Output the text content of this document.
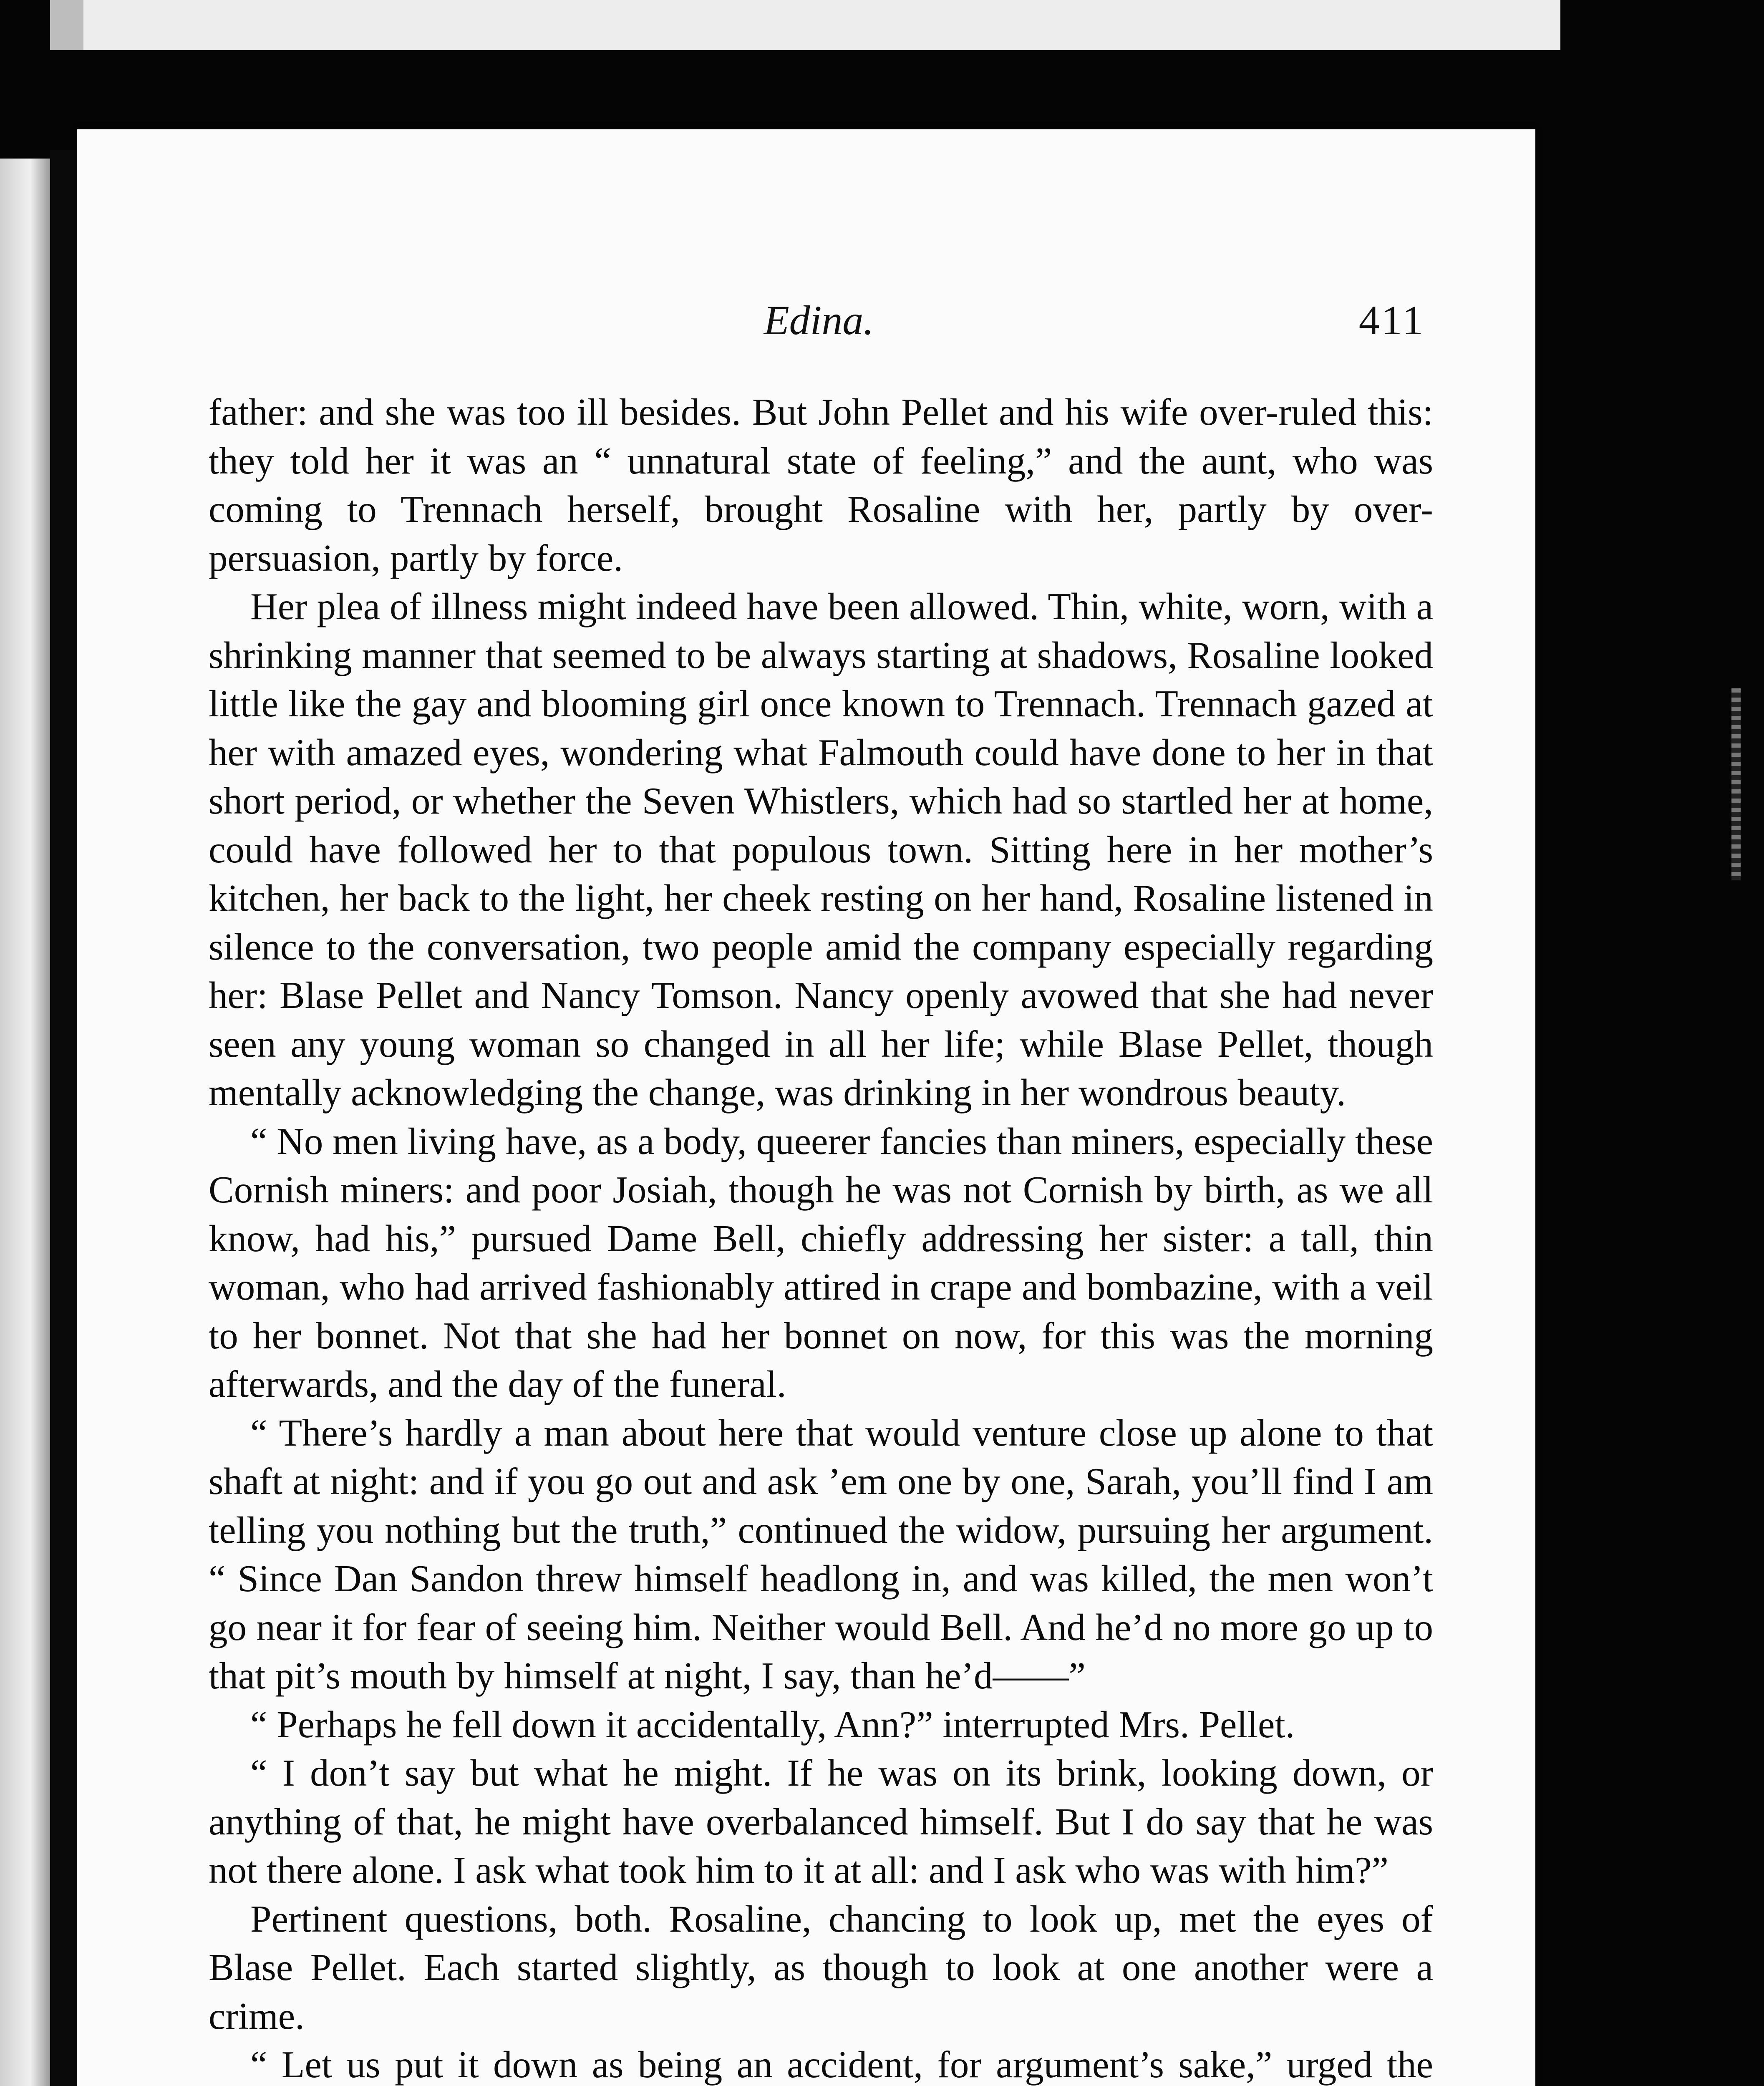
Edina.	411

father: and she was too ill besides. But John Pellet and his wife over-ruled this: they told her it was an “ unnatural state of feeling,” and the aunt, who was coming to Trennach herself, brought Rosaline with her, partly by over-persuasion, partly by force.

Her plea of illness might indeed have been allowed. Thin, white, worn, with a shrinking manner that seemed to be always starting at shadows, Rosaline looked little like the gay and blooming girl once known to Trennach. Trennach gazed at her with amazed eyes, wondering what Falmouth could have done to her in that short period, or whether the Seven Whistlers, which had so startled her at home, could have followed her to that populous town. Sitting here in her mother’s kitchen, her back to the light, her cheek resting on her hand, Rosaline listened in silence to the conversation, two people amid the company especially regarding her: Blase Pellet and Nancy Tomson. Nancy openly avowed that she had never seen any young woman so changed in all her life; while Blase Pellet, though mentally acknowledging the change, was drinking in her wondrous beauty.

“ No men living have, as a body, queerer fancies than miners, especially these Cornish miners: and poor Josiah, though he was not Cornish by birth, as we all know, had his,” pursued Dame Bell, chiefly addressing her sister: a tall, thin woman, who had arrived fashionably attired in crape and bombazine, with a veil to her bonnet. Not that she had her bonnet on now, for this was the morning afterwards, and the day of the funeral.

“ There’s hardly a man about here that would venture close up alone to that shaft at night: and if you go out and ask ’em one by one, Sarah, you’ll find I am telling you nothing but the truth,” continued the widow, pursuing her argument. “ Since Dan Sandon threw himself headlong in, and was killed, the men won’t go near it for fear of seeing him. Neither would Bell. And he’d no more go up to that pit’s mouth by himself at night, I say, than he’d——”

“ Perhaps he fell down it accidentally, Ann?” interrupted Mrs. Pellet.

“ I don’t say but what he might. If he was on its brink, looking down, or anything of that, he might have overbalanced himself. But I do say that he was not there alone. I ask what took him to it at all: and I ask who was with him?”

Pertinent questions, both. Rosaline, chancing to look up, met the eyes of Blase Pellet. Each started slightly, as though to look at one another were a crime.

“ Let us put it down as being an accident, for argument’s sake,” urged the
